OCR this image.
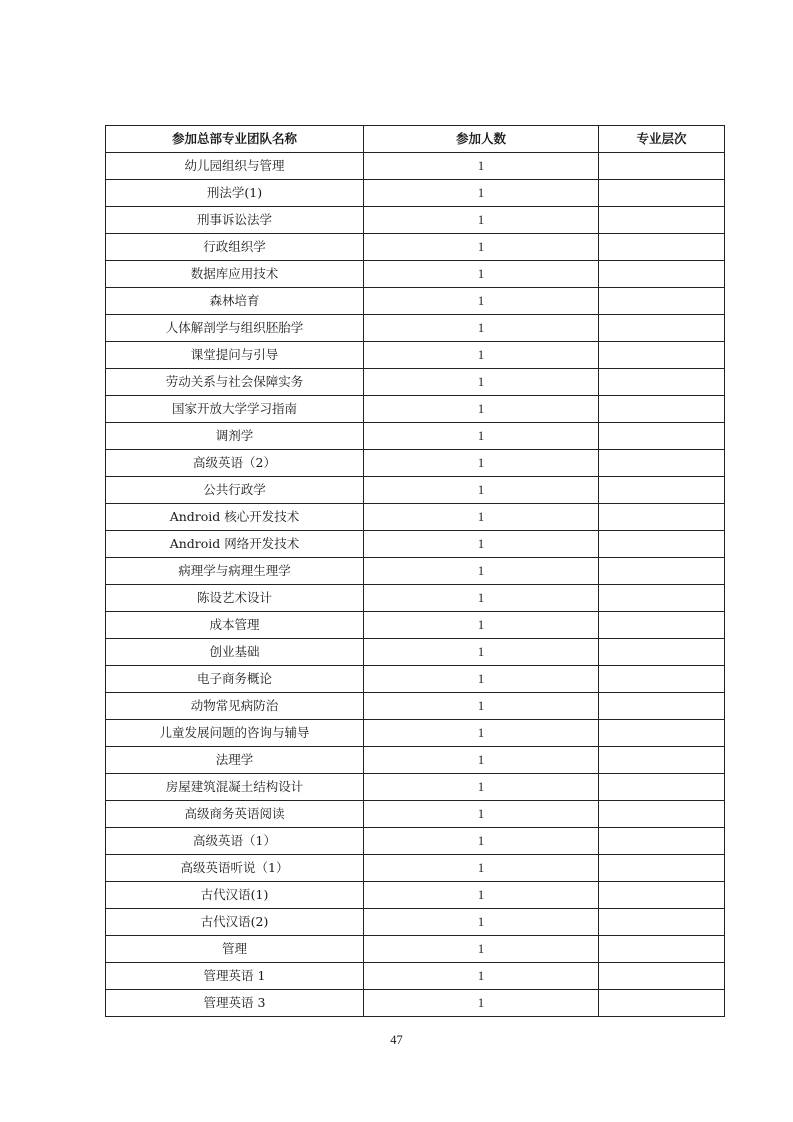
参加总部专业团队名称	参加人数	专业层次
幼儿园组织与管理	1	
刑法学(1)	1	
刑事诉讼法学	1	
行政组织学	1	
数据库应用技术	1	
森林培育	1	
人体解剖学与组织胚胎学	1	
课堂提问与引导	1	
劳动关系与社会保障实务	1	
国家开放大学学习指南	1	
调剂学	1	
高级英语（2）	1	
公共行政学	1	
Android 核心开发技术	1	
Android 网络开发技术	1	
病理学与病理生理学	1	
陈设艺术设计	1	
成本管理	1	
创业基础	1	
电子商务概论	1	
动物常见病防治	1	
儿童发展问题的咨询与辅导	1	
法理学	1	
房屋建筑混凝土结构设计	1	
高级商务英语阅读	1	
高级英语（1）	1	
高级英语听说（1）	1	
古代汉语(1)	1	
古代汉语(2)	1	
管理	1	
管理英语 1	1	
管理英语 3	1	
47
